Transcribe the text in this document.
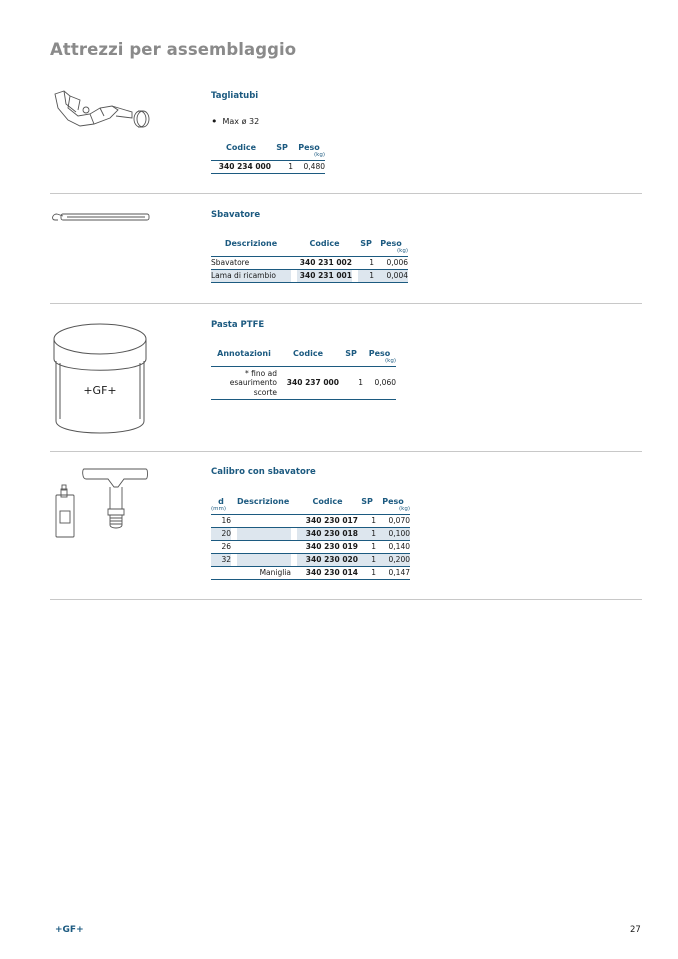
Attrezzi per assemblaggio
Tagliatubi
• Max ø 32
Codice	SP	Peso
		(kg)
340 234 000	1	0,480
Sbavatore
Descrizione		Codice		SP	Peso
					(kg)
Sbavatore		340 231 002		1	0,006
Lama di ricambio		340 231 001		1	0,004
+GF+
Pasta PTFE
Annotazioni	Codice	SP	Peso
			(kg)

* fino ad
esaurimento
scorte	340 237 000	1	0,060
Calibro con sbavatore
d		Descrizione		Codice	SP	Peso
(mm)						(kg)
16				340 230 017	1	0,070
20				340 230 018	1	0,100
26				340 230 019	1	0,140
32				340 230 020	1	0,200
		Maniglia		340 230 014	1	0,147
+GF+	27
